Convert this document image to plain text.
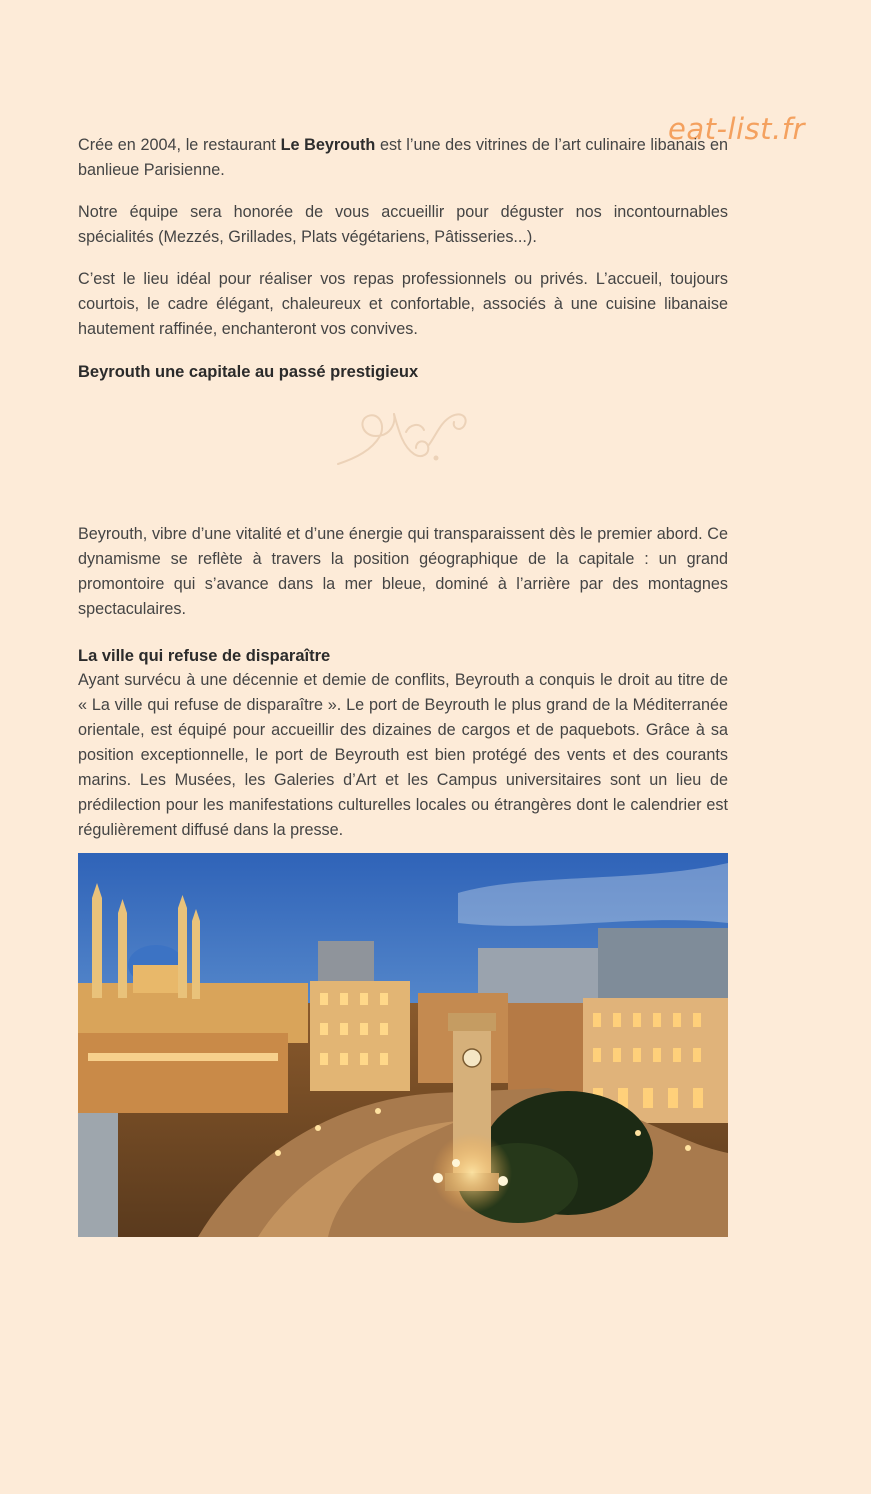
eat-list.fr

Crée en 2004, le restaurant Le Beyrouth est l’une des vitrines de l’art culinaire libanais en banlieue Parisienne.

Notre équipe sera honorée de vous accueillir pour déguster nos incontournables spécialités (Mezzés, Grillades, Plats végétariens, Pâtisseries...).

C’est le lieu idéal pour réaliser vos repas professionnels ou privés. L’accueil, toujours courtois, le cadre élégant, chaleureux et confortable, associés à une cuisine libanaise hautement raffinée, enchanteront vos convives.

Beyrouth une capitale au passé prestigieux

Beyrouth, vibre d’une vitalité et d’une énergie qui transparaissent dès le premier abord. Ce dynamisme se reflète à travers la position géographique de la capitale : un grand promontoire qui s’avance dans la mer bleue, dominé à l’arrière par des montagnes spectaculaires.

La ville qui refuse de disparaître

Ayant survécu à une décennie et demie de conflits, Beyrouth a conquis le droit au titre de « La ville qui refuse de disparaître ». Le port de Beyrouth le plus grand de la Méditerranée orientale, est équipé pour accueillir des dizaines de cargos et de paquebots. Grâce à sa position exceptionnelle, le port de Beyrouth est bien protégé des vents et des courants marins. Les Musées, les Galeries d’Art et les Campus universitaires sont un lieu de prédilection pour les manifestations culturelles locales ou étrangères dont le calendrier est régulièrement diffusé dans la presse.
